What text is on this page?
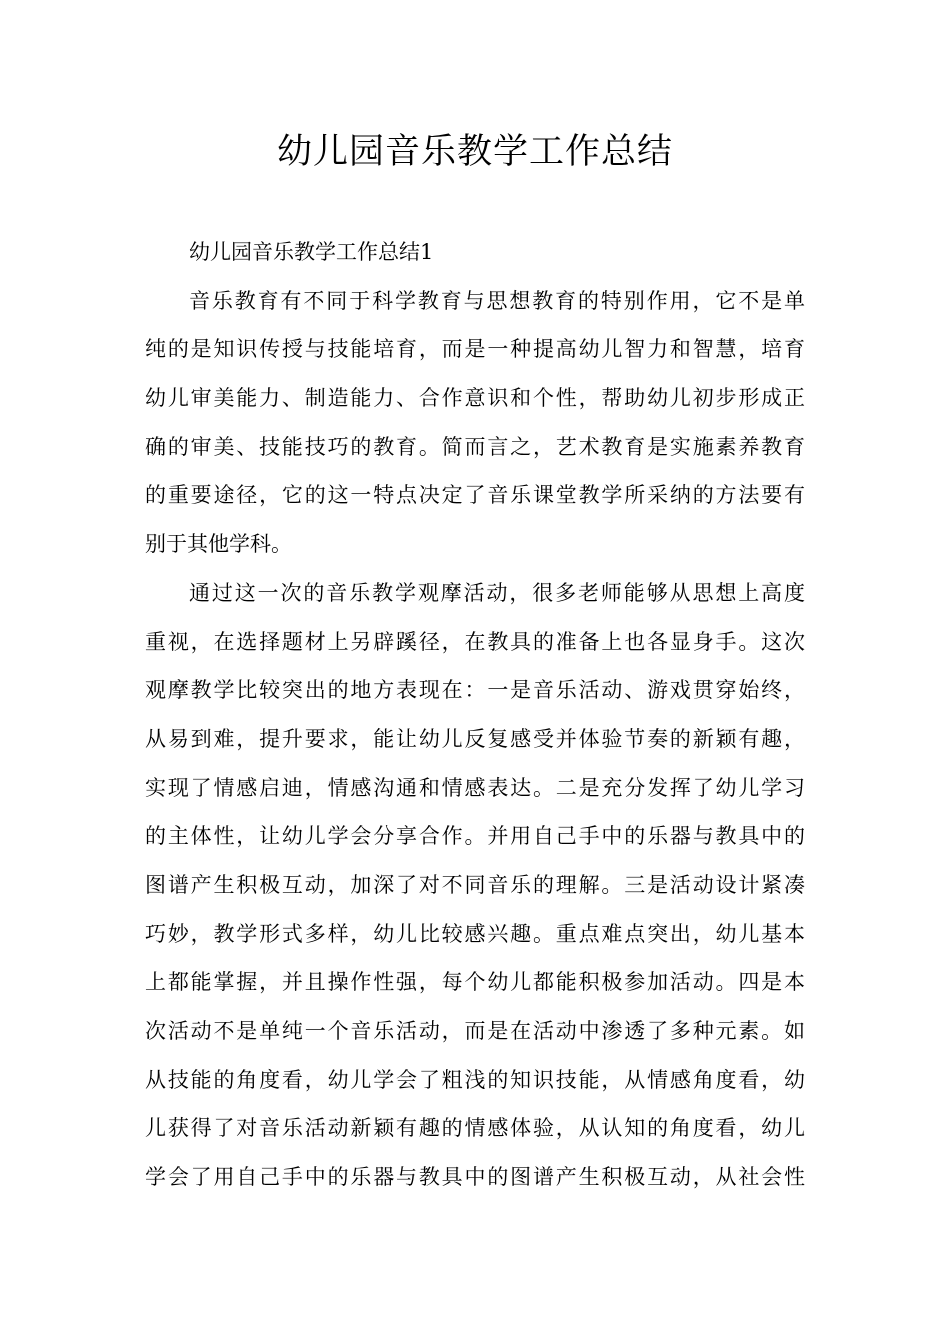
幼儿园音乐教学工作总结
幼儿园音乐教学工作总结1
音乐教育有不同于科学教育与思想教育的特别作用，它不是单
纯的是知识传授与技能培育，而是一种提高幼儿智力和智慧，培育
幼儿审美能力、制造能力、合作意识和个性，帮助幼儿初步形成正
确的审美、技能技巧的教育。简而言之，艺术教育是实施素养教育
的重要途径，它的这一特点决定了音乐课堂教学所采纳的方法要有
别于其他学科。
通过这一次的音乐教学观摩活动，很多老师能够从思想上高度
重视，在选择题材上另辟蹊径，在教具的准备上也各显身手。这次
观摩教学比较突出的地方表现在：一是音乐活动、游戏贯穿始终，
从易到难，提升要求，能让幼儿反复感受并体验节奏的新颖有趣，
实现了情感启迪，情感沟通和情感表达。二是充分发挥了幼儿学习
的主体性，让幼儿学会分享合作。并用自己手中的乐器与教具中的
图谱产生积极互动，加深了对不同音乐的理解。三是活动设计紧凑
巧妙，教学形式多样，幼儿比较感兴趣。重点难点突出，幼儿基本
上都能掌握，并且操作性强，每个幼儿都能积极参加活动。四是本
次活动不是单纯一个音乐活动，而是在活动中渗透了多种元素。如
从技能的角度看，幼儿学会了粗浅的知识技能，从情感角度看，幼
儿获得了对音乐活动新颖有趣的情感体验，从认知的角度看，幼儿
学会了用自己手中的乐器与教具中的图谱产生积极互动，从社会性
